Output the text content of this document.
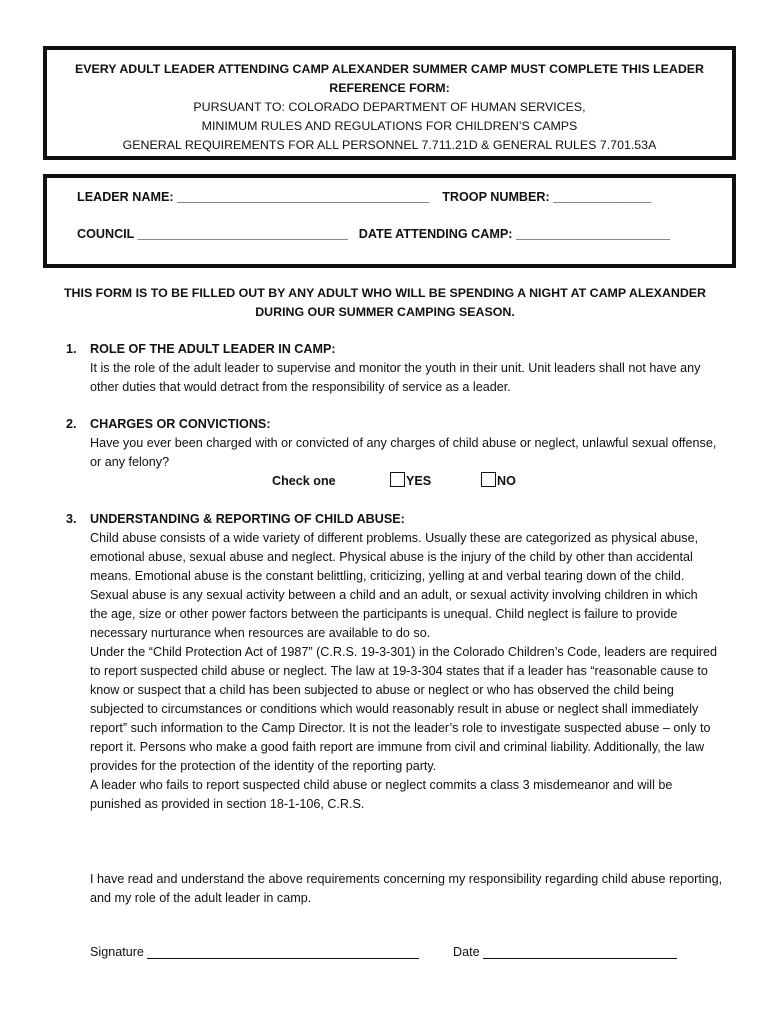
EVERY ADULT LEADER ATTENDING CAMP ALEXANDER SUMMER CAMP MUST COMPLETE THIS LEADER
REFERENCE FORM:
PURSUANT TO: COLORADO DEPARTMENT OF HUMAN SERVICES,
MINIMUM RULES AND REGULATIONS FOR CHILDREN’S CAMPS
GENERAL REQUIREMENTS FOR ALL PERSONNEL 7.711.21D & GENERAL RULES 7.701.53A
LEADER NAME: ____________________________________ TROOP NUMBER: ______________
COUNCIL ______________________________ DATE ATTENDING CAMP: ______________________
THIS FORM IS TO BE FILLED OUT BY ANY ADULT WHO WILL BE SPENDING A NIGHT AT CAMP ALEXANDER
DURING OUR SUMMER CAMPING SEASON.
1. ROLE OF THE ADULT LEADER IN CAMP:
It is the role of the adult leader to supervise and monitor the youth in their unit. Unit leaders shall not have any other duties that would detract from the responsibility of service as a leader.
2. CHARGES OR CONVICTIONS:
Have you ever been charged with or convicted of any charges of child abuse or neglect, unlawful sexual offense, or any felony?
Check one	YES	NO
3. UNDERSTANDING & REPORTING OF CHILD ABUSE:
Child abuse consists of a wide variety of different problems. Usually these are categorized as physical abuse, emotional abuse, sexual abuse and neglect. Physical abuse is the injury of the child by other than accidental means. Emotional abuse is the constant belittling, criticizing, yelling at and verbal tearing down of the child. Sexual abuse is any sexual activity between a child and an adult, or sexual activity involving children in which the age, size or other power factors between the participants is unequal. Child neglect is failure to provide necessary nurturance when resources are available to do so.
Under the “Child Protection Act of 1987” (C.R.S. 19-3-301) in the Colorado Children’s Code, leaders are required to report suspected child abuse or neglect. The law at 19-3-304 states that if a leader has “reasonable cause to know or suspect that a child has been subjected to abuse or neglect or who has observed the child being subjected to circumstances or conditions which would reasonably result in abuse or neglect shall immediately report” such information to the Camp Director. It is not the leader’s role to investigate suspected abuse – only to report it. Persons who make a good faith report are immune from civil and criminal liability. Additionally, the law provides for the protection of the identity of the reporting party.
A leader who fails to report suspected child abuse or neglect commits a class 3 misdemeanor and will be punished as provided in section 18-1-106, C.R.S.
I have read and understand the above requirements concerning my responsibility regarding child abuse reporting, and my role of the adult leader in camp.
Signature	Date
